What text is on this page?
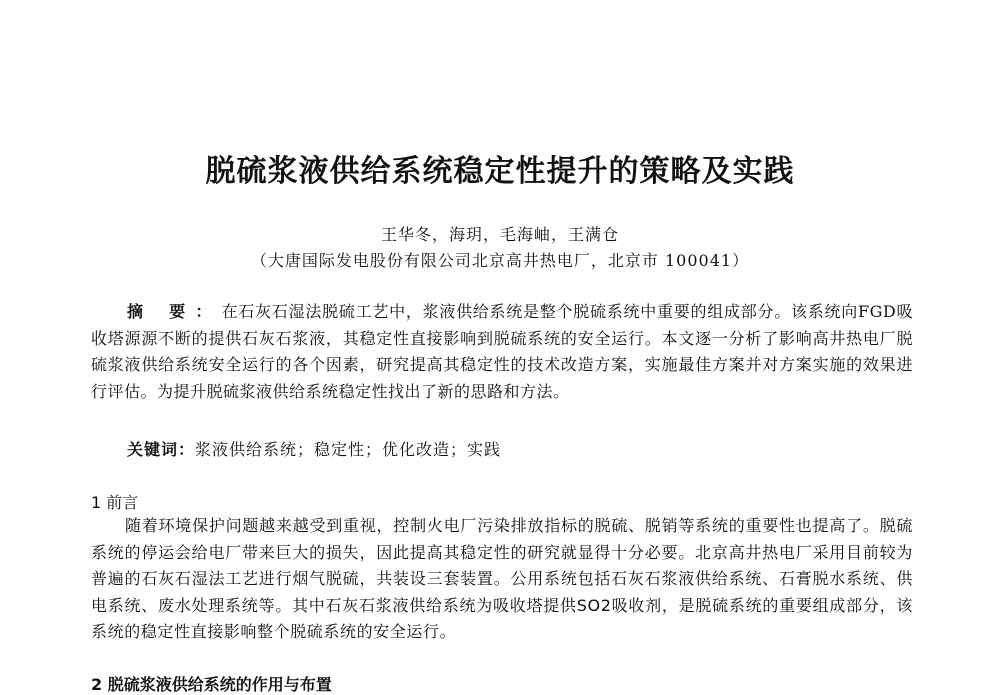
脱硫浆液供给系统稳定性提升的策略及实践
王华冬，海玥，毛海岫，王满仓
（大唐国际发电股份有限公司北京高井热电厂，北京市 100041）

摘 要：在石灰石湿法脱硫工艺中，浆液供给系统是整个脱硫系统中重要的组成部分。该系统向FGD吸收塔源源不断的提供石灰石浆液，其稳定性直接影响到脱硫系统的安全运行。本文逐一分析了影响高井热电厂脱硫浆液供给系统安全运行的各个因素，研究提高其稳定性的技术改造方案，实施最佳方案并对方案实施的效果进行评估。为提升脱硫浆液供给系统稳定性找出了新的思路和方法。

关键词：浆液供给系统；稳定性；优化改造；实践

1 前言

随着环境保护问题越来越受到重视，控制火电厂污染排放指标的脱硫、脱销等系统的重要性也提高了。脱硫系统的停运会给电厂带来巨大的损失，因此提高其稳定性的研究就显得十分必要。北京高井热电厂采用目前较为普遍的石灰石湿法工艺进行烟气脱硫，共装设三套装置。公用系统包括石灰石浆液供给系统、石膏脱水系统、供电系统、废水处理系统等。其中石灰石浆液供给系统为吸收塔提供SO2吸收剂，是脱硫系统的重要组成部分，该系统的稳定性直接影响整个脱硫系统的安全运行。

2 脱硫浆液供给系统的作用与布置
